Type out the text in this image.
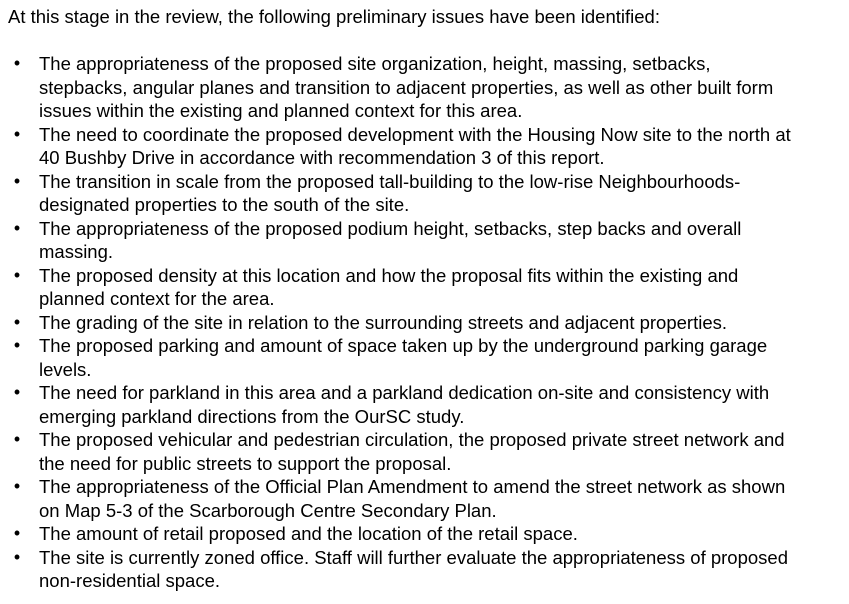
At this stage in the review, the following preliminary issues have been identified:

•	The appropriateness of the proposed site organization, height, massing, setbacks, stepbacks, angular planes and transition to adjacent properties, as well as other built form issues within the existing and planned context for this area.
•	The need to coordinate the proposed development with the Housing Now site to the north at 40 Bushby Drive in accordance with recommendation 3 of this report.
•	The transition in scale from the proposed tall-building to the low-rise Neighbourhoods-designated properties to the south of the site.
•	The appropriateness of the proposed podium height, setbacks, step backs and overall massing.
•	The proposed density at this location and how the proposal fits within the existing and planned context for the area.
•	The grading of the site in relation to the surrounding streets and adjacent properties.
•	The proposed parking and amount of space taken up by the underground parking garage levels.
•	The need for parkland in this area and a parkland dedication on-site and consistency with emerging parkland directions from the OurSC study.
•	The proposed vehicular and pedestrian circulation, the proposed private street network and the need for public streets to support the proposal.
•	The appropriateness of the Official Plan Amendment to amend the street network as shown on Map 5-3 of the Scarborough Centre Secondary Plan.
•	The amount of retail proposed and the location of the retail space.
•	The site is currently zoned office. Staff will further evaluate the appropriateness of proposed non-residential space.
